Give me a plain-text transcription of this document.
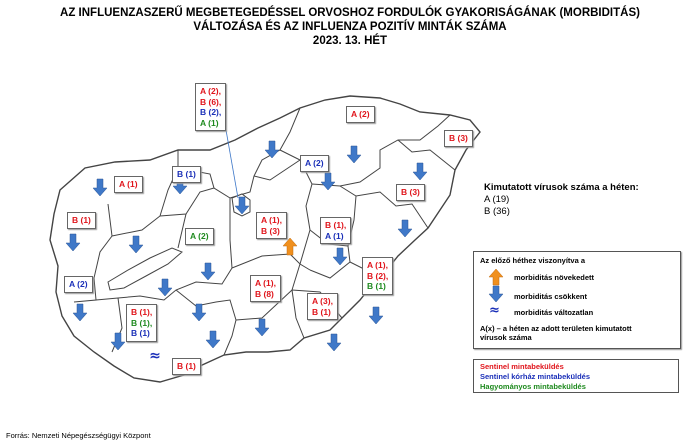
AZ INFLUENZASZERŰ MEGBETEGEDÉSSEL ORVOSHOZ FORDULÓK GYAKORISÁGÁNAK (MORBIDITÁS)
VÁLTOZÁSA ÉS AZ INFLUENZA POZITÍV MINTÁK SZÁMA
2023. 13. HÉT
≈
A (2),
B (6),
B (2),
A (1)
A (1)
B (1)
A (2)
A (2)
B (3)
B (1)
A (2)
A (1),
B (3)
B (1),
A (1)
B (3)
A (1),
B (2),
B (1)
A (2)
B (1),
B (1),
B (1)
A (1),
B (8)
A (3),
B (1)
B (1)
Kimutatott vírusok száma a héten:
A (19)
B (36)
Az előző héthez viszonyítva a
morbiditás növekedett
morbiditás csökkent
≈ morbiditás változatlan
A(x) – a héten az adott területen kimutatott
vírusok száma
Sentinel mintabeküldés
Sentinel kórház mintabeküldés
Hagyományos mintabeküldés
Forrás: Nemzeti Népegészségügyi Központ
